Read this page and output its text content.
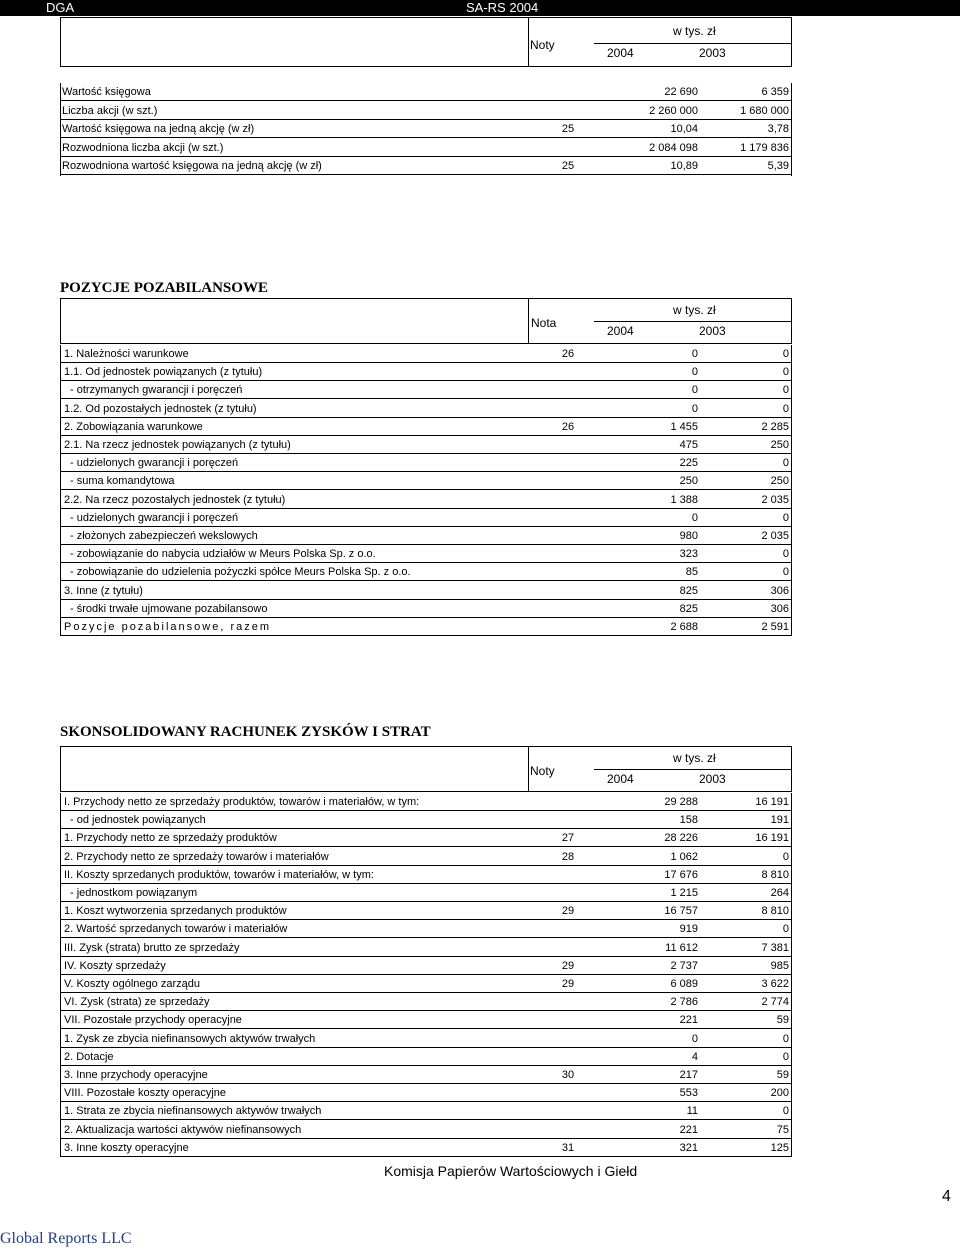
DGA	SA-RS 2004
Noty
w tys. zł
2004	2003
Wartość księgowa	22 690	6 359
Liczba akcji (w szt.)	2 260 000	1 680 000
Wartość księgowa na jedną akcję (w zł)	25	10,04	3,78
Rozwodniona liczba akcji (w szt.)	2 084 098	1 179 836
Rozwodniona wartość księgowa na jedną akcję (w zł)	25	10,89	5,39
POZYCJE POZABILANSOWE
Nota
w tys. zł
2004	2003
1. Należności warunkowe	26	0	0
1.1. Od jednostek powiązanych (z tytułu)	0	0
- otrzymanych gwarancji i poręczeń	0	0
1.2. Od pozostałych jednostek (z tytułu)	0	0
2. Zobowiązania warunkowe	26	1 455	2 285
2.1. Na rzecz jednostek powiązanych (z tytułu)	475	250
- udzielonych gwarancji i poręczeń	225	0
- suma komandytowa	250	250
2.2. Na rzecz pozostałych jednostek (z tytułu)	1 388	2 035
- udzielonych gwarancji i poręczeń	0	0
- złożonych zabezpieczeń wekslowych	980	2 035
- zobowiązanie do nabycia udziałów w Meurs Polska Sp. z o.o.	323	0
- zobowiązanie do udzielenia pożyczki spółce Meurs Polska Sp. z o.o.	85	0
3. Inne (z tytułu)	825	306
- środki trwałe ujmowane pozabilansowo	825	306
Pozycje pozabilansowe, razem	2 688	2 591
SKONSOLIDOWANY RACHUNEK ZYSKÓW I STRAT
Noty
w tys. zł
2004	2003
I. Przychody netto ze sprzedaży produktów, towarów i materiałów, w tym:	29 288	16 191
- od jednostek powiązanych	158	191
1. Przychody netto ze sprzedaży produktów	27	28 226	16 191
2. Przychody netto ze sprzedaży towarów i materiałów	28	1 062	0
II. Koszty sprzedanych produktów, towarów i materiałów, w tym:	17 676	8 810
- jednostkom powiązanym	1 215	264
1. Koszt wytworzenia sprzedanych produktów	29	16 757	8 810
2. Wartość sprzedanych towarów i materiałów	919	0
III. Zysk (strata) brutto ze sprzedaży	11 612	7 381
IV. Koszty sprzedaży	29	2 737	985
V. Koszty ogólnego zarządu	29	6 089	3 622
VI. Zysk (strata) ze sprzedaży	2 786	2 774
VII. Pozostałe przychody operacyjne	221	59
1. Zysk ze zbycia niefinansowych aktywów trwałych	0	0
2. Dotacje	4	0
3. Inne przychody operacyjne	30	217	59
VIII. Pozostałe koszty operacyjne	553	200
1. Strata ze zbycia niefinansowych aktywów trwałych	11	0
2. Aktualizacja wartości aktywów niefinansowych	221	75
3. Inne koszty operacyjne	31	321	125
Komisja Papierów Wartościowych i Giełd
4
Global Reports LLC
